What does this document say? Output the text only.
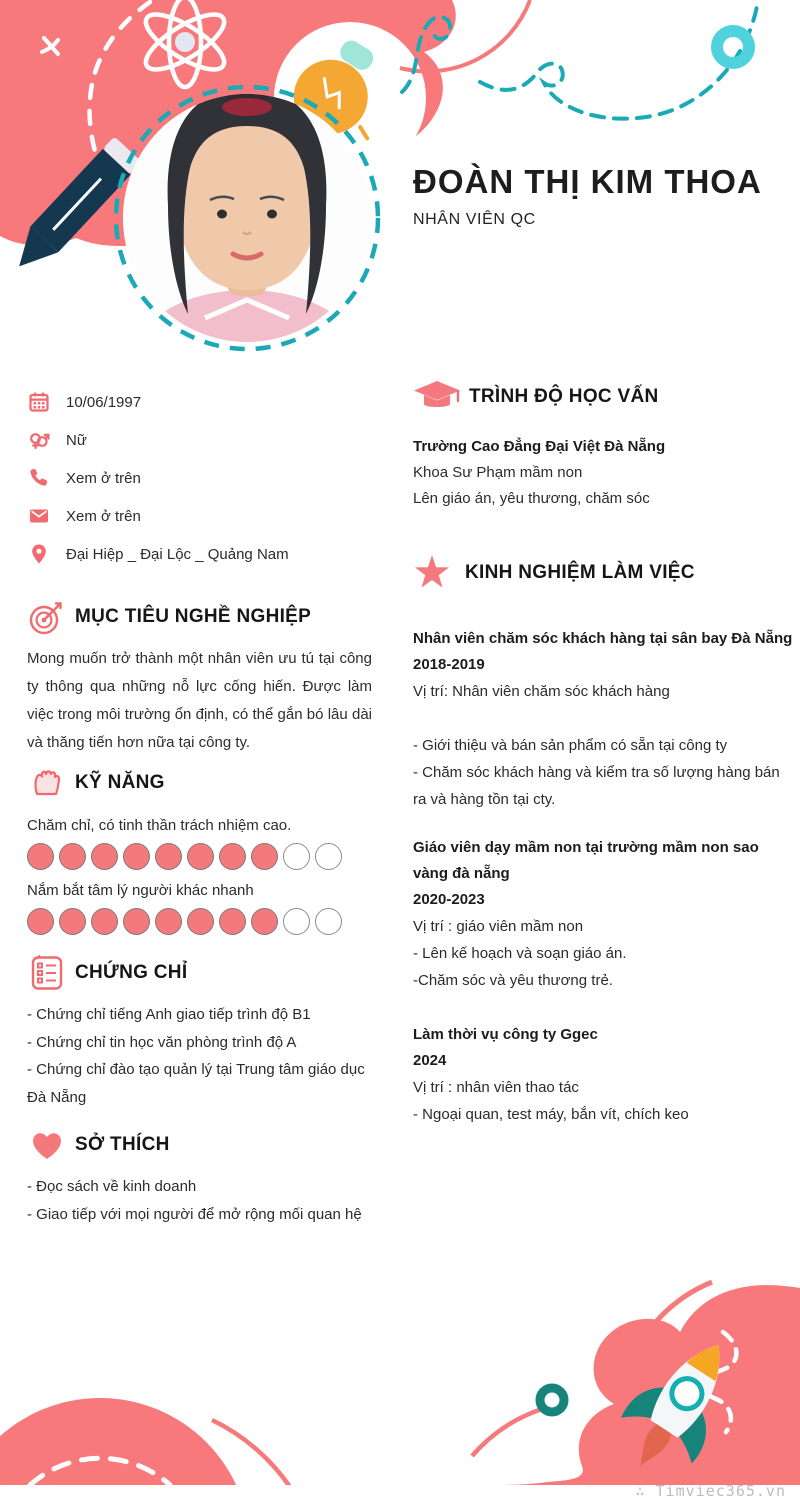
ĐOÀN THỊ KIM THOA
NHÂN VIÊN QC
10/06/1997
Nữ
Xem ở trên
Xem ở trên
Đại Hiệp _ Đại Lộc _ Quảng Nam
MỤC TIÊU NGHỀ NGHIỆP
Mong muốn trở thành một nhân viên ưu tú tại công ty thông qua những nỗ lực cống hiến. Được làm việc trong môi trường ổn định, có thể gắn bó lâu dài và thăng tiến hơn nữa tại công ty.
KỸ NĂNG
Chăm chỉ, có tinh thần trách nhiệm cao.
Nắm bắt tâm lý người khác nhanh
CHỨNG CHỈ
- Chứng chỉ tiếng Anh giao tiếp trình độ B1
- Chứng chỉ tin học văn phòng trình độ A
- Chứng chỉ đào tạo quản lý tại Trung tâm giáo dục Đà Nẵng
SỞ THÍCH
- Đọc sách về kinh doanh
- Giao tiếp với mọi người để mở rộng mối quan hệ
TRÌNH ĐỘ HỌC VẤN
Trường Cao Đẳng Đại Việt Đà Nẵng
Khoa Sư Phạm mầm non
Lên giáo án, yêu thương, chăm sóc
KINH NGHIỆM LÀM VIỆC
Nhân viên chăm sóc khách hàng tại sân bay Đà Nẵng
2018-2019
Vị trí: Nhân viên chăm sóc khách hàng
- Giới thiệu và bán sản phẩm có sẵn tại công ty
- Chăm sóc khách hàng và kiểm tra số lượng hàng bán ra và hàng tồn tại cty.
Giáo viên dạy mầm non tại trường mầm non sao vàng đà nẵng
2020-2023
Vị trí : giáo viên mầm non
- Lên kế hoạch và soạn giáo án.
-Chăm sóc và yêu thương trẻ.
Làm thời vụ công ty Ggec
2024
Vị trí : nhân viên thao tác
- Ngoại quan, test máy, bắn vít, chích keo
∴ Timviec365.vn
